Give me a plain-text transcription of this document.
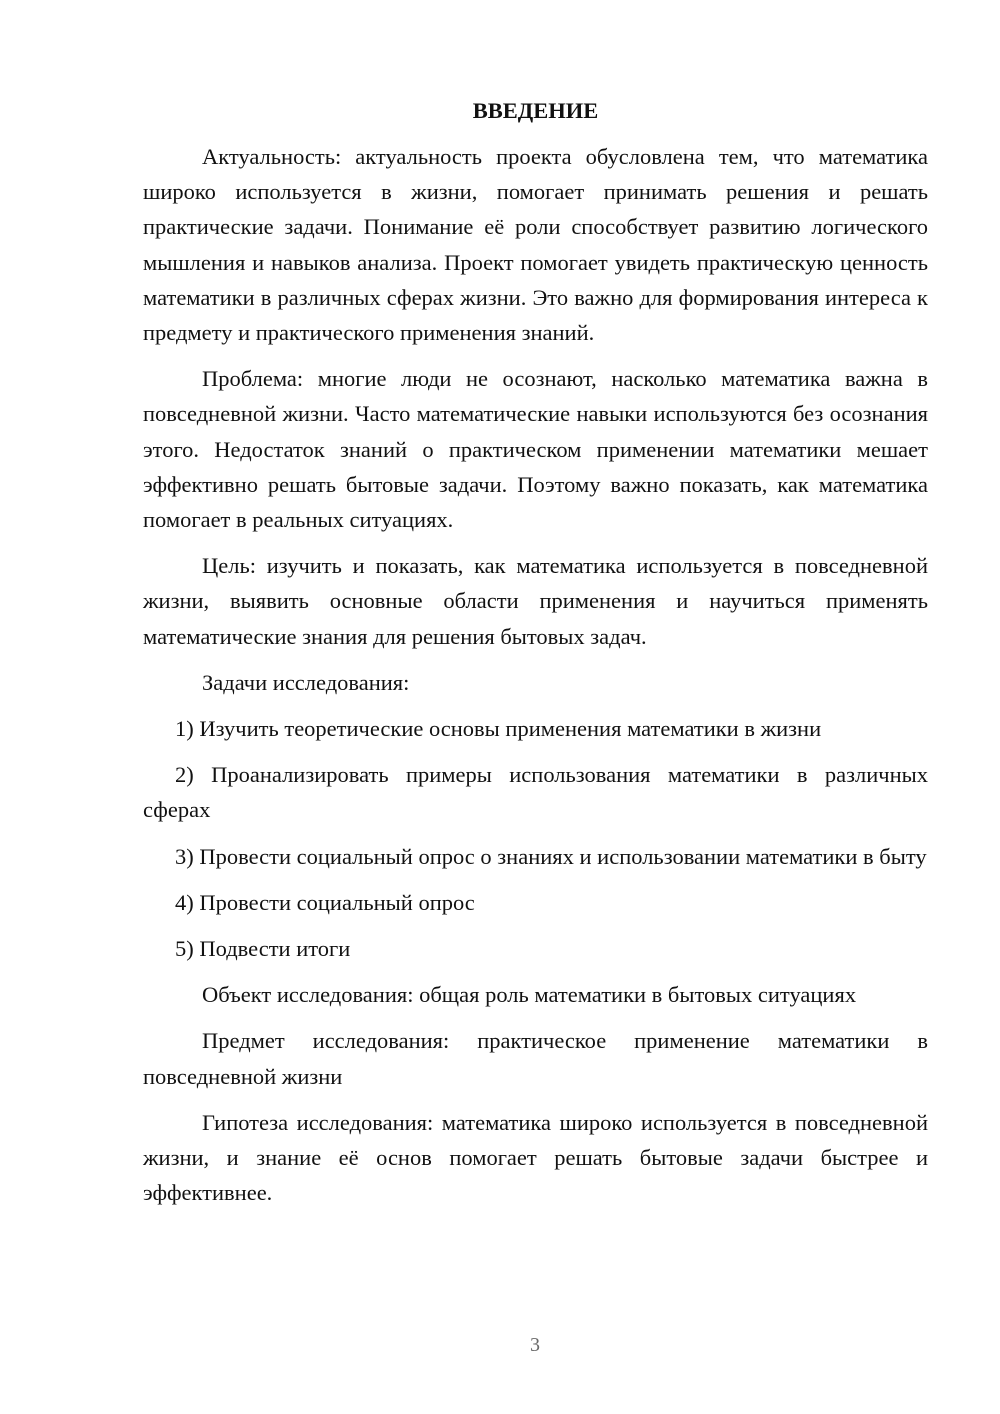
ВВЕДЕНИЕ

Актуальность: актуальность проекта обусловлена тем, что математика широко используется в жизни, помогает принимать решения и решать практические задачи. Понимание её роли способствует развитию логического мышления и навыков анализа. Проект помогает увидеть практическую ценность математики в различных сферах жизни. Это важно для формирования интереса к предмету и практического применения знаний.

Проблема: многие люди не осознают, насколько математика важна в повседневной жизни. Часто математические навыки используются без осознания этого. Недостаток знаний о практическом применении математики мешает эффективно решать бытовые задачи. Поэтому важно показать, как математика помогает в реальных ситуациях.

Цель: изучить и показать, как математика используется в повседневной жизни, выявить основные области применения и научиться применять математические знания для решения бытовых задач.

Задачи исследования:

1) Изучить теоретические основы применения математики в жизни

2) Проанализировать примеры использования математики в различных сферах

3) Провести социальный опрос о знаниях и использовании математики в быту

4) Провести социальный опрос

5) Подвести итоги

Объект исследования: общая роль математики в бытовых ситуациях

Предмет исследования: практическое применение математики в повседневной жизни

Гипотеза исследования: математика широко используется в повседневной жизни, и знание её основ помогает решать бытовые задачи быстрее и эффективнее.

3
